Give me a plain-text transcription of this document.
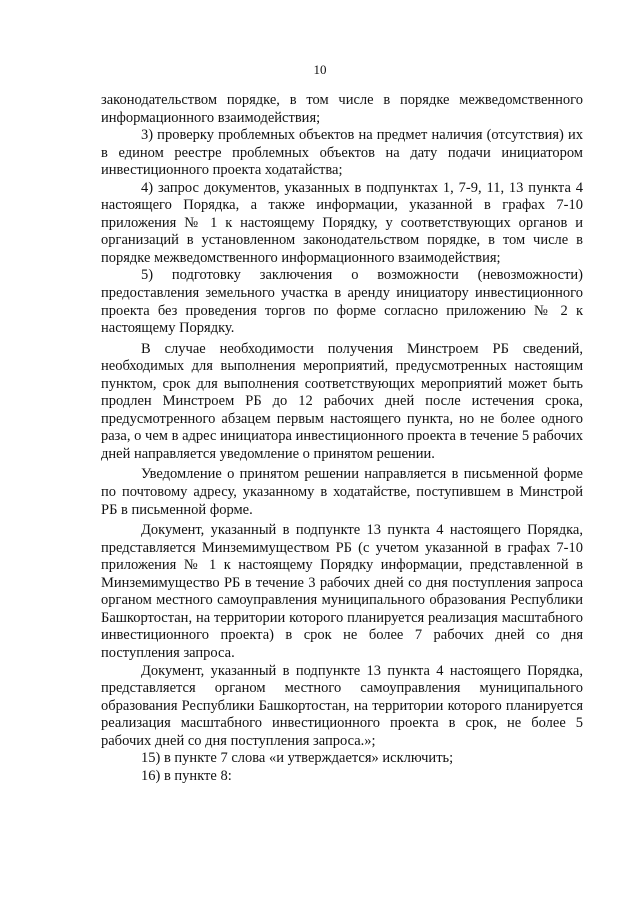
10

законодательством порядке, в том числе в порядке межведомственного информационного взаимодействия;

3) проверку проблемных объектов на предмет наличия (отсутствия) их в едином реестре проблемных объектов на дату подачи инициатором инвестиционного проекта ходатайства;

4) запрос документов, указанных в подпунктах 1, 7-9, 11, 13 пункта 4 настоящего Порядка, а также информации, указанной в графах 7-10 приложения № 1 к настоящему Порядку, у соответствующих органов и организаций в установленном законодательством порядке, в том числе в порядке межведомственного информационного взаимодействия;

5) подготовку заключения о возможности (невозможности) предоставления земельного участка в аренду инициатору инвестиционного проекта без проведения торгов по форме согласно приложению № 2 к настоящему Порядку.

В случае необходимости получения Минстроем РБ сведений, необходимых для выполнения мероприятий, предусмотренных настоящим пунктом, срок для выполнения соответствующих мероприятий может быть продлен Минстроем РБ до 12 рабочих дней после истечения срока, предусмотренного абзацем первым настоящего пункта, но не более одного раза, о чем в адрес инициатора инвестиционного проекта в течение 5 рабочих дней направляется уведомление о принятом решении.

Уведомление о принятом решении направляется в письменной форме по почтовому адресу, указанному в ходатайстве, поступившем в Минстрой РБ в письменной форме.

Документ, указанный в подпункте 13 пункта 4 настоящего Порядка, представляется Минземимуществом РБ (с учетом указанной в графах 7-10 приложения № 1 к настоящему Порядку информации, представленной в Минземимущество РБ в течение 3 рабочих дней со дня поступления запроса органом местного самоуправления муниципального образования Республики Башкортостан, на территории которого планируется реализация масштабного инвестиционного проекта) в срок не более 7 рабочих дней со дня поступления запроса.

Документ, указанный в подпункте 13 пункта 4 настоящего Порядка, представляется органом местного самоуправления муниципального образования Республики Башкортостан, на территории которого планируется реализация масштабного инвестиционного проекта в срок, не более 5 рабочих дней со дня поступления запроса.»;

15) в пункте 7 слова «и утверждается» исключить;

16) в пункте 8:
